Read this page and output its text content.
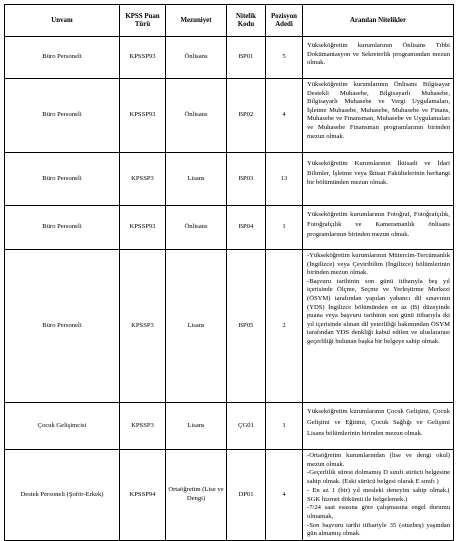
Unvanı	KPSS Puan Türü	Mezuniyet	Nitelik Kodu	Pozisyon Adedi	Aranılan Nitelikler
Büro Personeli	KPSSP93	Önlisans	BP01	5	Yükseköğretim kurumlarının Önlisans Tıbbi Dokümantasyon ve Sekreterlik programından mezun olmak.

Büro Personeli	KPSSP93	Önlisans	BP02	4	Yükseköğretim kurumlarının Önlisans Bilgisayar Destekli Muhasebe, Bilgisayarlı Muhasebe, Bilgisayarlı Muhasebe ve Vergi Uygulamaları, İşletme Muhasebe, Muhasebe, Muhasebe ve Finans, Muhasebe ve Finansman, Muhasebe ve Uygulamaları ve Muhasebe Finansman programlarının birinden mezun olmak.

Büro Personeli	KPSSP3	Lisans	BP03	13	Yükseköğretim Kurumlarının İktisadi ve İdari Bilimler, İşletme veya İktisat Fakültelerinin herhangi bir bölümünden mezun olmak.

Büro Personeli	KPSSP93	Önlisans	BP04	1	Yükseköğretim kurumlarının Fotoğraf, Fotoğrafçılık, Fotoğrafçılık ve Kameramanlık önlisans programlarının birinden mezun olmak.

Büro Personeli	KPSSP3	Lisans	BP05	2	-Yükseköğretim kurumlarının Mütercim-Tercümanlık (İngilizce) veya Çeviribilim (İngilizce) bölümlerinin birinden mezun olmak.
-Başvuru tarihinin son günü itibarıyla beş yıl içerisinde Ölçme, Seçme ve Yerleştirme Merkezi (ÖSYM) tarafından yapılan yabancı dil sınavının (YDS) İngilizce bölümünden en az (B) düzeyinde puana veya başvuru tarihinin son günü itibarıyla iki yıl içerisinde alınan dil yeterliliği bakımından ÖSYM tarafından YDS denkliği kabul edilen ve uluslararası geçerliliği bulunan başka bir belgeye sahip olmak.

Çocuk Gelişimcisi	KPSSP3	Lisans	ÇG01	1	Yükseköğretim kurumlarının Çocuk Gelişimi, Çocuk Gelişimi ve Eğitimi, Çocuk Sağlığı ve Gelişimi Lisans bölümlerinin birinden mezun olmak.

Destek Personeli (Şoför-Erkek)	KPSSP94	Ortaöğretim (Lise ve Dengi)	DP01	4	-Ortaöğretim kurumlarından (lise ve dengi okul) mezun olmak.
-Geçerlilik süresi dolmamış D sınıfı sürücü belgesine sahip olmak. (Eski sürücü belgesi olarak E sınıfı )
- En az 1 (bir) yıl mesleki deneyim sahip olmak.( SGK hizmet dökümü ile belgelemek.)
-7/24 saat esasına göre çalışmasına engel durumu olmamak,
-Son başvuru tarihi itibariyle 35 (otuzbeş) yaşından gün almamış olmak.
